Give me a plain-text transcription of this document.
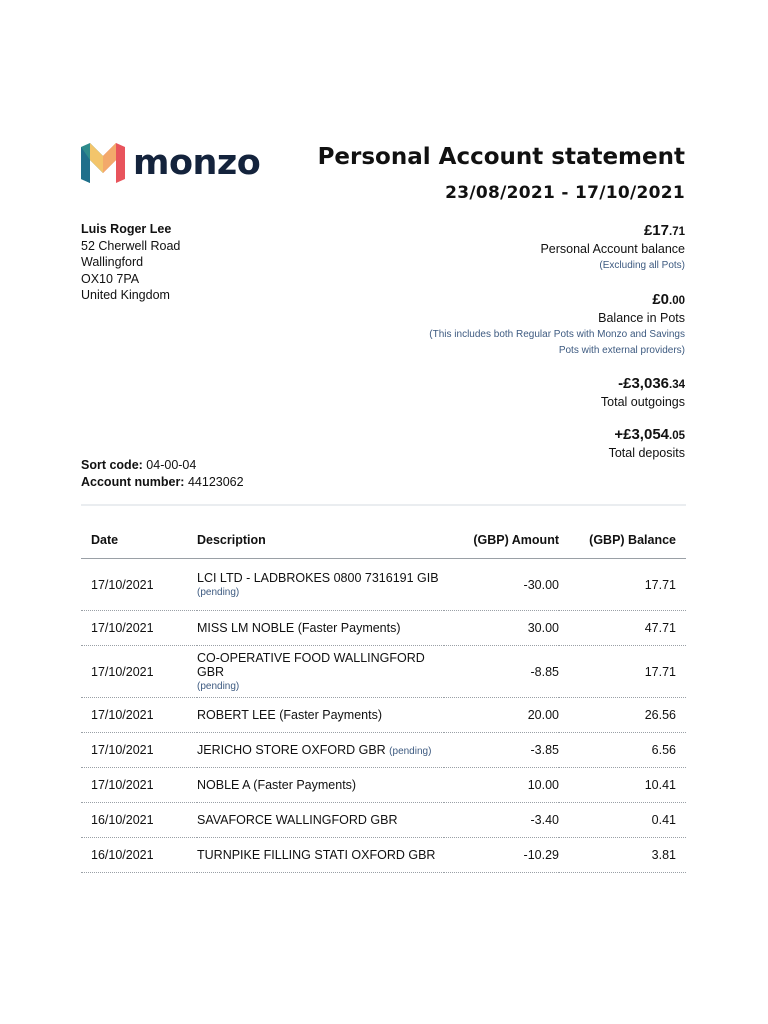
monzo Personal Account statement
23/08/2021 - 17/10/2021
Luis Roger Lee
52 Cherwell Road
Wallingford
OX10 7PA
United Kingdom
£17.71
Personal Account balance
(Excluding all Pots)
£0.00
Balance in Pots
(This includes both Regular Pots with Monzo and Savings
Pots with external providers)
-£3,036.34
Total outgoings
+£3,054.05
Total deposits
Sort code: 04-00-04
Account number: 44123062
Date	Description	(GBP) Amount	(GBP) Balance
17/10/2021	LCI LTD - LADBROKES 0800 7316191 GIB
(pending)	-30.00	17.71
17/10/2021	MISS LM NOBLE (Faster Payments)	30.00	47.71
17/10/2021	CO-OPERATIVE FOOD WALLINGFORD GBR
(pending)	-8.85	17.71
17/10/2021	ROBERT LEE (Faster Payments)	20.00	26.56
17/10/2021	JERICHO STORE OXFORD GBR (pending)	-3.85	6.56
17/10/2021	NOBLE A (Faster Payments)	10.00	10.41
16/10/2021	SAVAFORCE WALLINGFORD GBR	-3.40	0.41
16/10/2021	TURNPIKE FILLING STATI OXFORD GBR	-10.29	3.81
